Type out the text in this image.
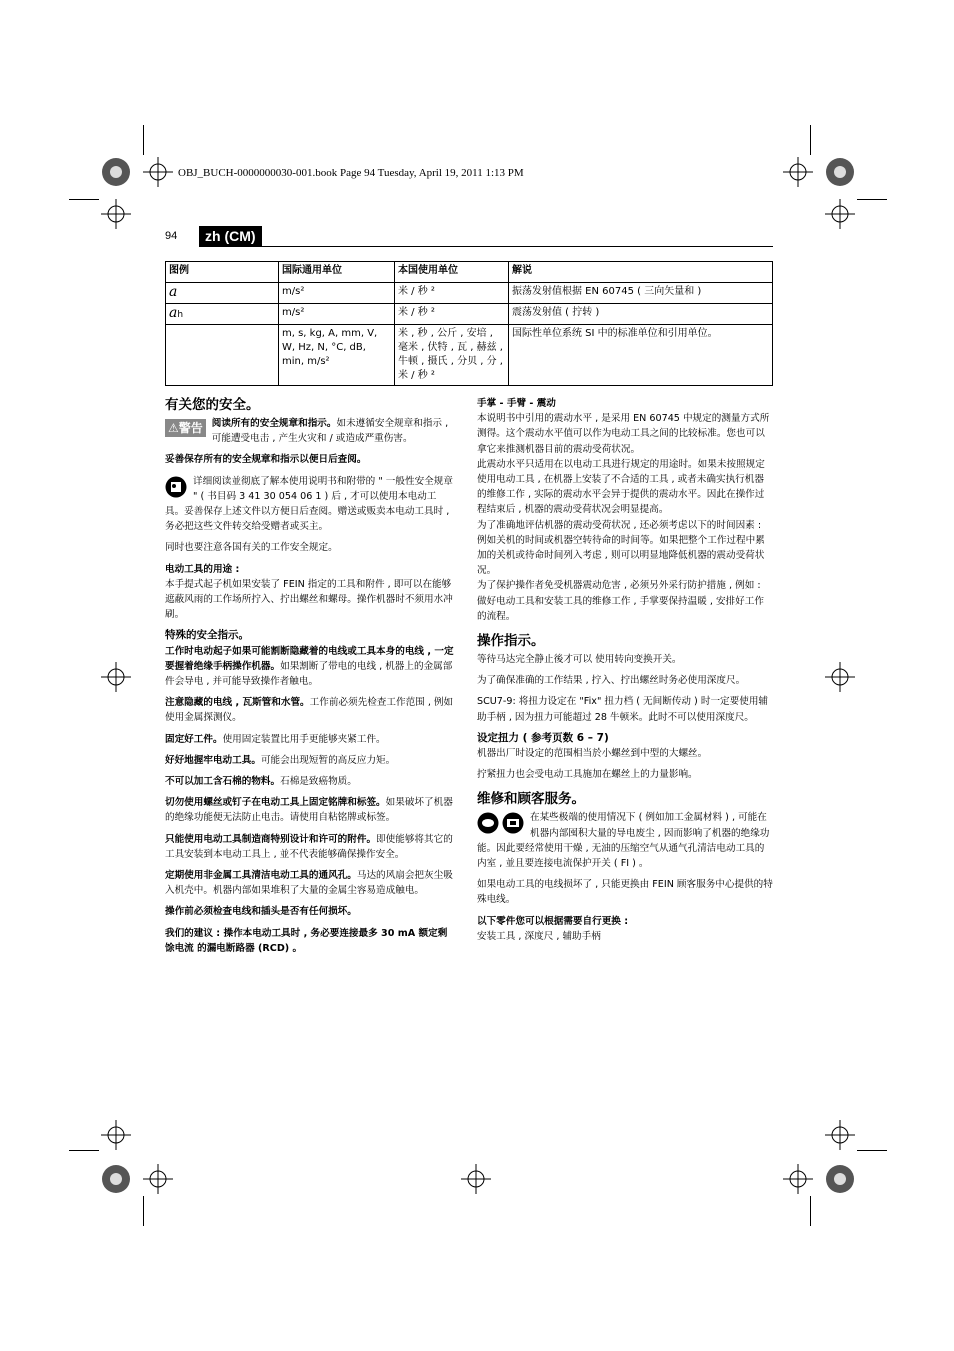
OBJ_BUCH-0000000030-001.book Page 94 Tuesday, April 19, 2011 1:13 PM
94	zh (CM)
图例	国际通用单位	本国使用单位	解说
a	m/s²	米 / 秒 ²	振荡发射值根据 EN 60745 ( 三向矢量和 )
ah	m/s²	米 / 秒 ²	震荡发射值 ( 拧转 )
	m, s, kg, A, mm, V, W, Hz, N, °C, dB, min, m/s²	米 , 秒 , 公斤 , 安培 , 毫米 , 伏特 , 瓦 , 赫兹 , 牛顿 , 摄氏 , 分贝 , 分 , 米 / 秒 ²	国际性单位系统 SI 中的标准单位和引用单位。
有关您的安全。

⚠警告 阅读所有的安全规章和指示。如未遵循安全规章和指示 , 可能遭受电击 , 产生火灾和 / 或造成严重伤害。

妥善保存所有的安全规章和指示以便日后查阅。

详细阅读並彻底了解本使用说明书和附带的 " 一般性安全规章 " ( 书目码 3 41 30 054 06 1 ) 后 , 才可以使用本电动工具。妥善保存上述文件以方便日后查阅。赠送或贩卖本电动工具时 , 务必把这些文件转交给受赠者或买主。

同时也要注意各国有关的工作安全规定。

电动工具的用途 :

本手提式起子机如果安装了 FEIN 指定的工具和附件 , 即可以在能够遮蔽风雨的工作场所拧入、拧出螺丝和螺母。操作机器时不须用水冲刷。

特殊的安全指示。

工作时电动起子如果可能割断隐藏着的电线或工具本身的电线 , 一定要握着绝缘手柄操作机器。如果割断了带电的电线 , 机器上的金属部件会导电 , 并可能导致操作者触电。

注意隐藏的电线 , 瓦斯管和水管。工作前必须先检查工作范围 , 例如使用金属探测仪。

固定好工件。使用固定装置比用手更能够夹紧工件。

好好地握牢电动工具。可能会出现短暂的高反应力矩。

不可以加工含石棉的物料。石棉是致癌物质。

切勿使用螺丝或钉子在电动工具上固定铭牌和标签。如果破坏了机器的绝缘功能便无法防止电击。请使用自粘铭牌或标签。

只能使用电动工具制造商特别设计和许可的附件。即使能够将其它的工具安装到本电动工具上 , 並不代表能够确保操作安全。

定期使用非金属工具清洁电动工具的通风孔。马达的风扇会把灰尘吸入机壳中。机器内部如果堆积了大量的金属尘容易造成触电。

操作前必须检查电线和插头是否有任何损坏。

我们的建议 : 操作本电动工具时 , 务必要连接最多 30 mA 额定剩馀电流 的漏电断路器 (RCD) 。

手掌 - 手臂 - 震动

本说明书中引用的震动水平 , 是采用 EN 60745 中规定的测量方式所测得。这个震动水平值可以作为电动工具之间的比较标准。您也可以拿它来推测机器目前的震动受荷状况。

此震动水平只适用在以电动工具进行规定的用途时。如果未按照规定使用电动工具 , 在机器上安装了不合适的工具 , 或者未确实执行机器的维修工作 , 实际的震动水平会异于提供的震动水平。因此在操作过程结束后 , 机器的震动受荷状况会明显提高。

为了准确地评估机器的震动受荷状况 , 还必须考虑以下的时间因素 : 例如关机的时间或机器空转待命的时间等。如果把整个工作过程中累加的关机或待命时间列入考虑 , 则可以明显地降低机器的震动受荷状况。

为了保护操作者免受机器震动危害 , 必须另外采行防护措施 , 例如 : 做好电动工具和安装工具的维修工作 , 手掌要保持温暖 , 安排好工作的流程。

操作指示。

等待马达完全静止後才可以 使用转向变换开关。

为了确保准确的工作结果 , 拧入、拧出螺丝时务必使用深度尺。

SCU7-9: 将扭力设定在 "Fix" 扭力档 ( 无间断传动 ) 时一定要使用辅助手柄 , 因为扭力可能超过 28 牛顿米。此时不可以使用深度尺。

设定扭力 ( 参考页数 6 – 7)

机器出厂时设定的范围相当於小螺丝到中型的大螺丝。

拧紧扭力也会受电动工具施加在螺丝上的力量影响。

维修和顾客服务。

在某些极端的使用情况下 ( 例如加工金属材料 ) , 可能在机器内部囤积大量的导电废尘 , 因而影响了机器的绝缘功能。因此要经常使用干燥 , 无油的压缩空气从通气孔清洁电动工具的内室 , 並且要连接电流保护开关 ( FI ) 。

如果电动工具的电线损坏了 , 只能更换由 FEIN 顾客服务中心提供的特殊电线。

以下零件您可以根据需要自行更换 :

安装工具 , 深度尺 , 辅助手柄
